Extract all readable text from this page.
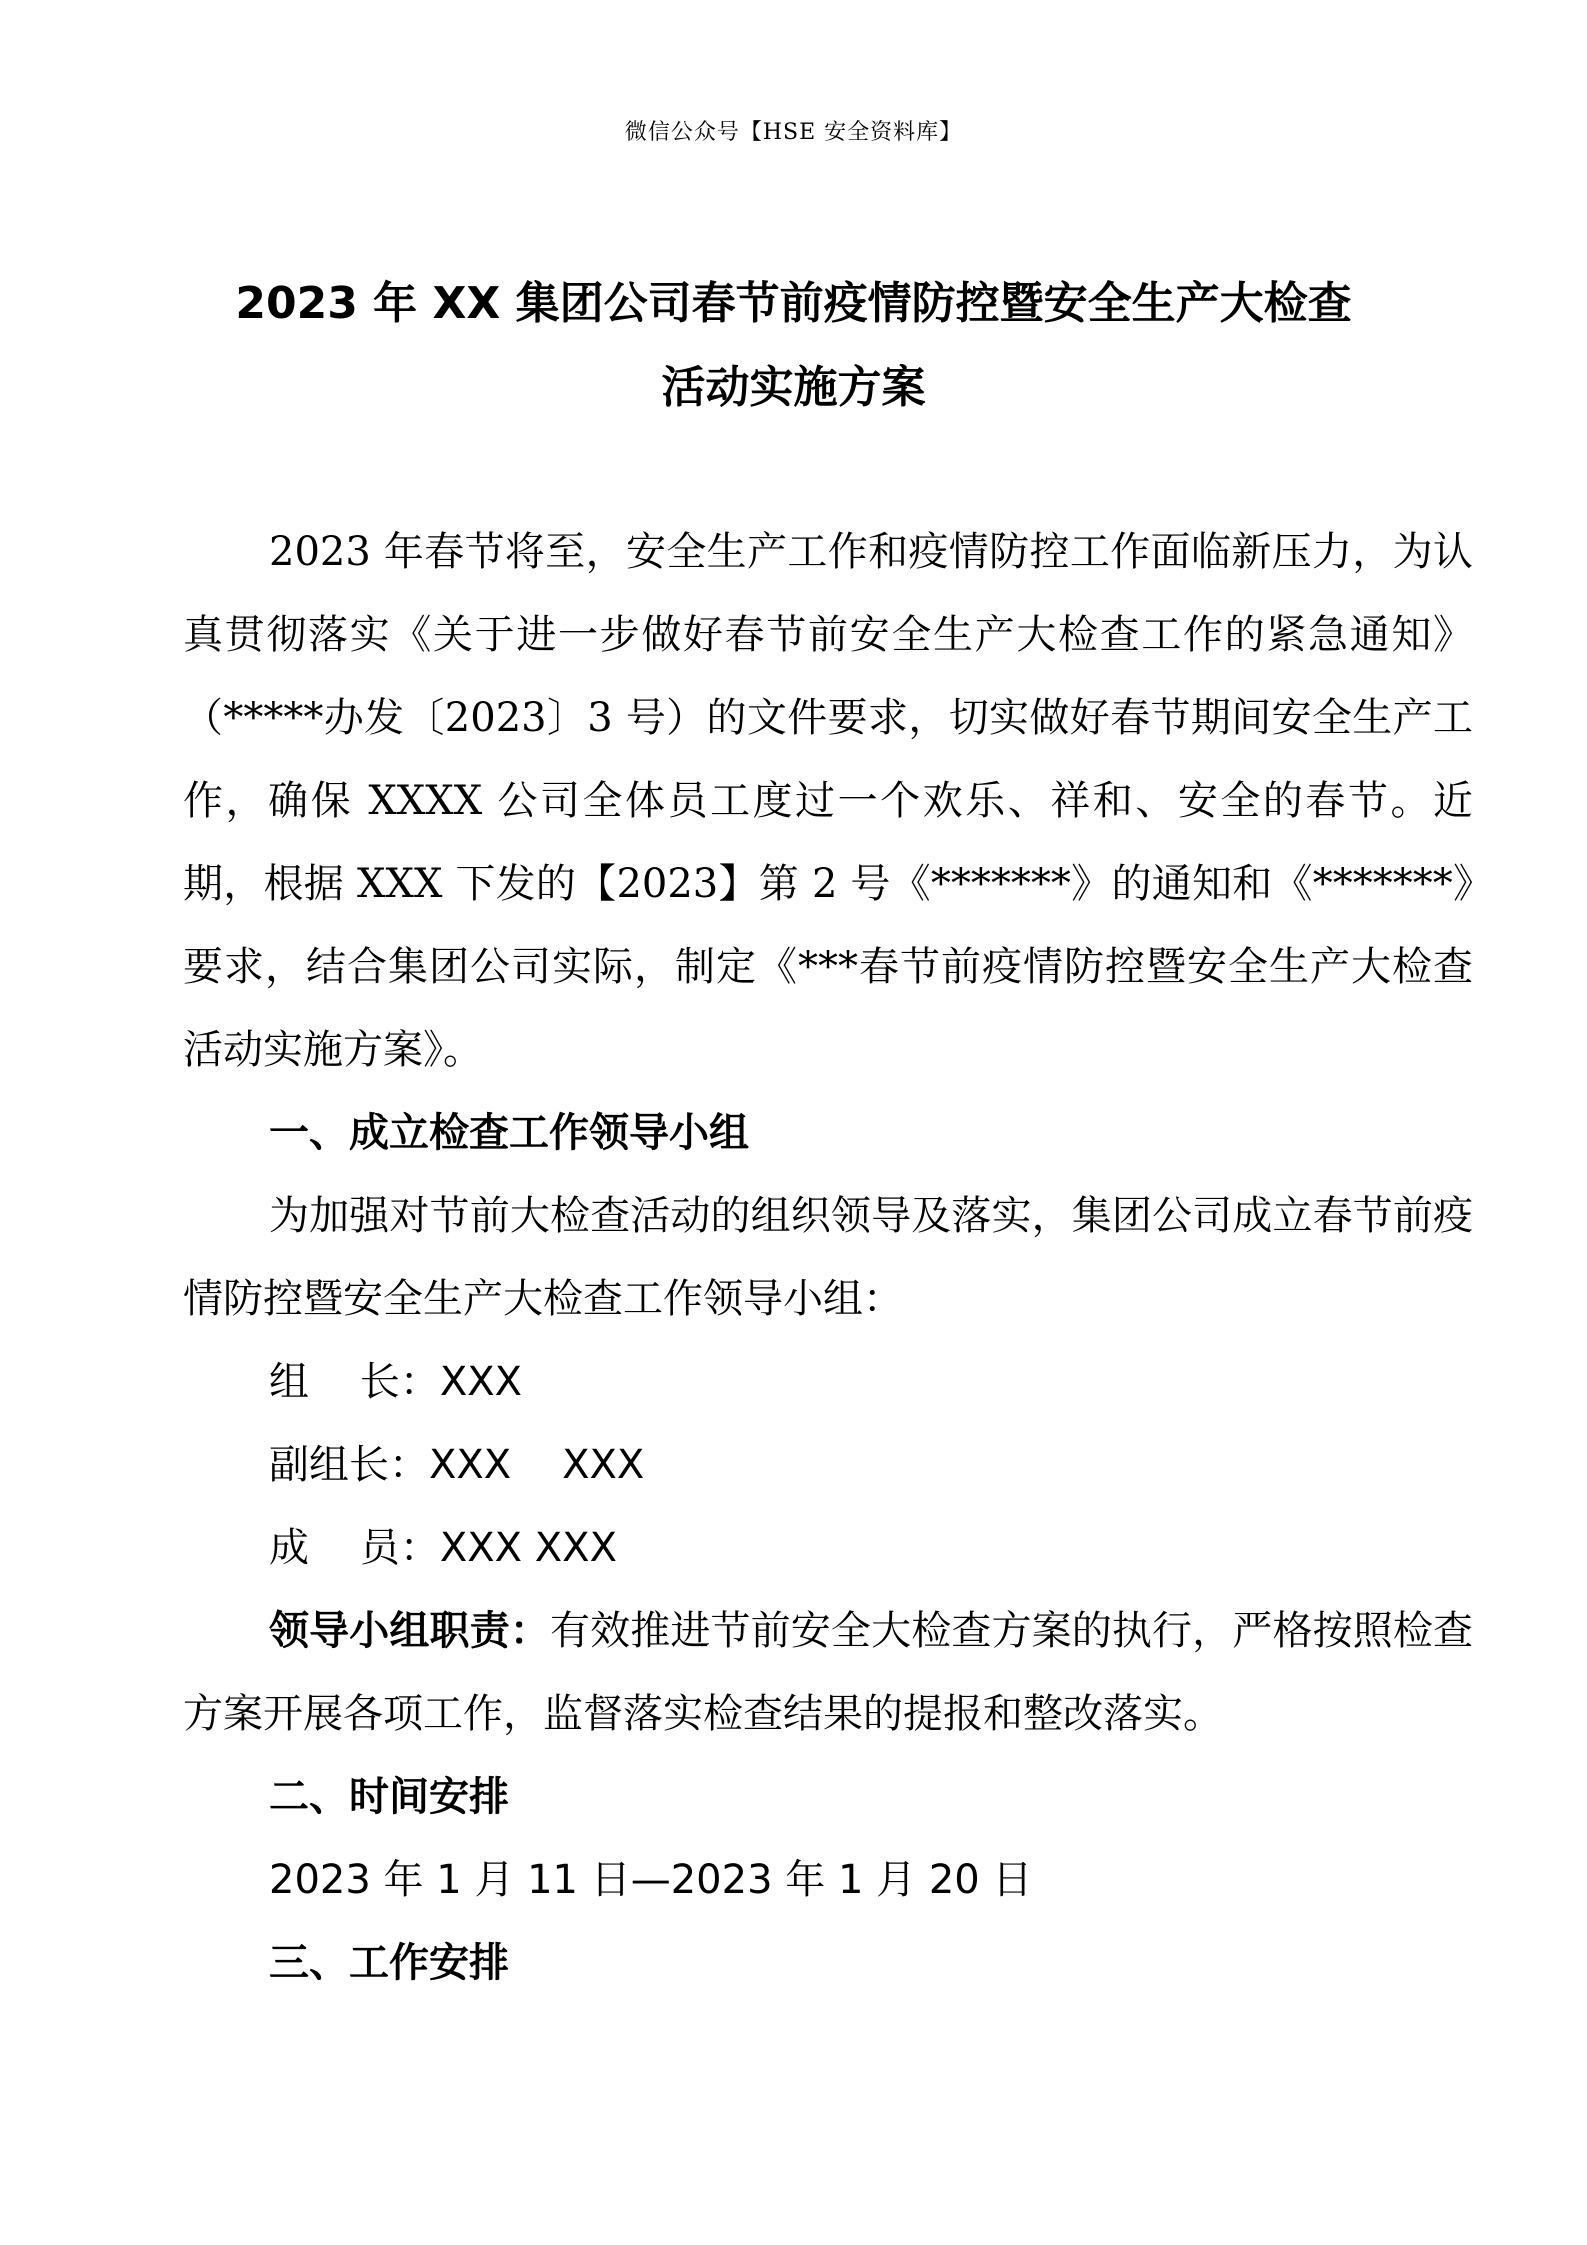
微信公众号【HSE 安全资料库】
2023 年 XX 集团公司春节前疫情防控暨安全生产大检查
活动实施方案

2023 年春节将至，安全生产工作和疫情防控工作面临新压力，为认真贯彻落实《关于进一步做好春节前安全生产大检查工作的紧急通知》（*****办发〔2023〕3 号）的文件要求，切实做好春节期间安全生产工作，确保 XXXX 公司全体员工度过一个欢乐、祥和、安全的春节。近期，根据 XXX 下发的【2023】第 2 号《*******》的通知和《*******》要求，结合集团公司实际，制定《***春节前疫情防控暨安全生产大检查活动实施方案》。

一、成立检查工作领导小组

为加强对节前大检查活动的组织领导及落实，集团公司成立春节前疫情防控暨安全生产大检查工作领导小组：

组    长：XXX

副组长：XXX    XXX

成    员：XXX XXX

领导小组职责：有效推进节前安全大检查方案的执行，严格按照检查方案开展各项工作，监督落实检查结果的提报和整改落实。

二、时间安排

2023 年 1 月 11 日—2023 年 1 月 20 日

三、工作安排
